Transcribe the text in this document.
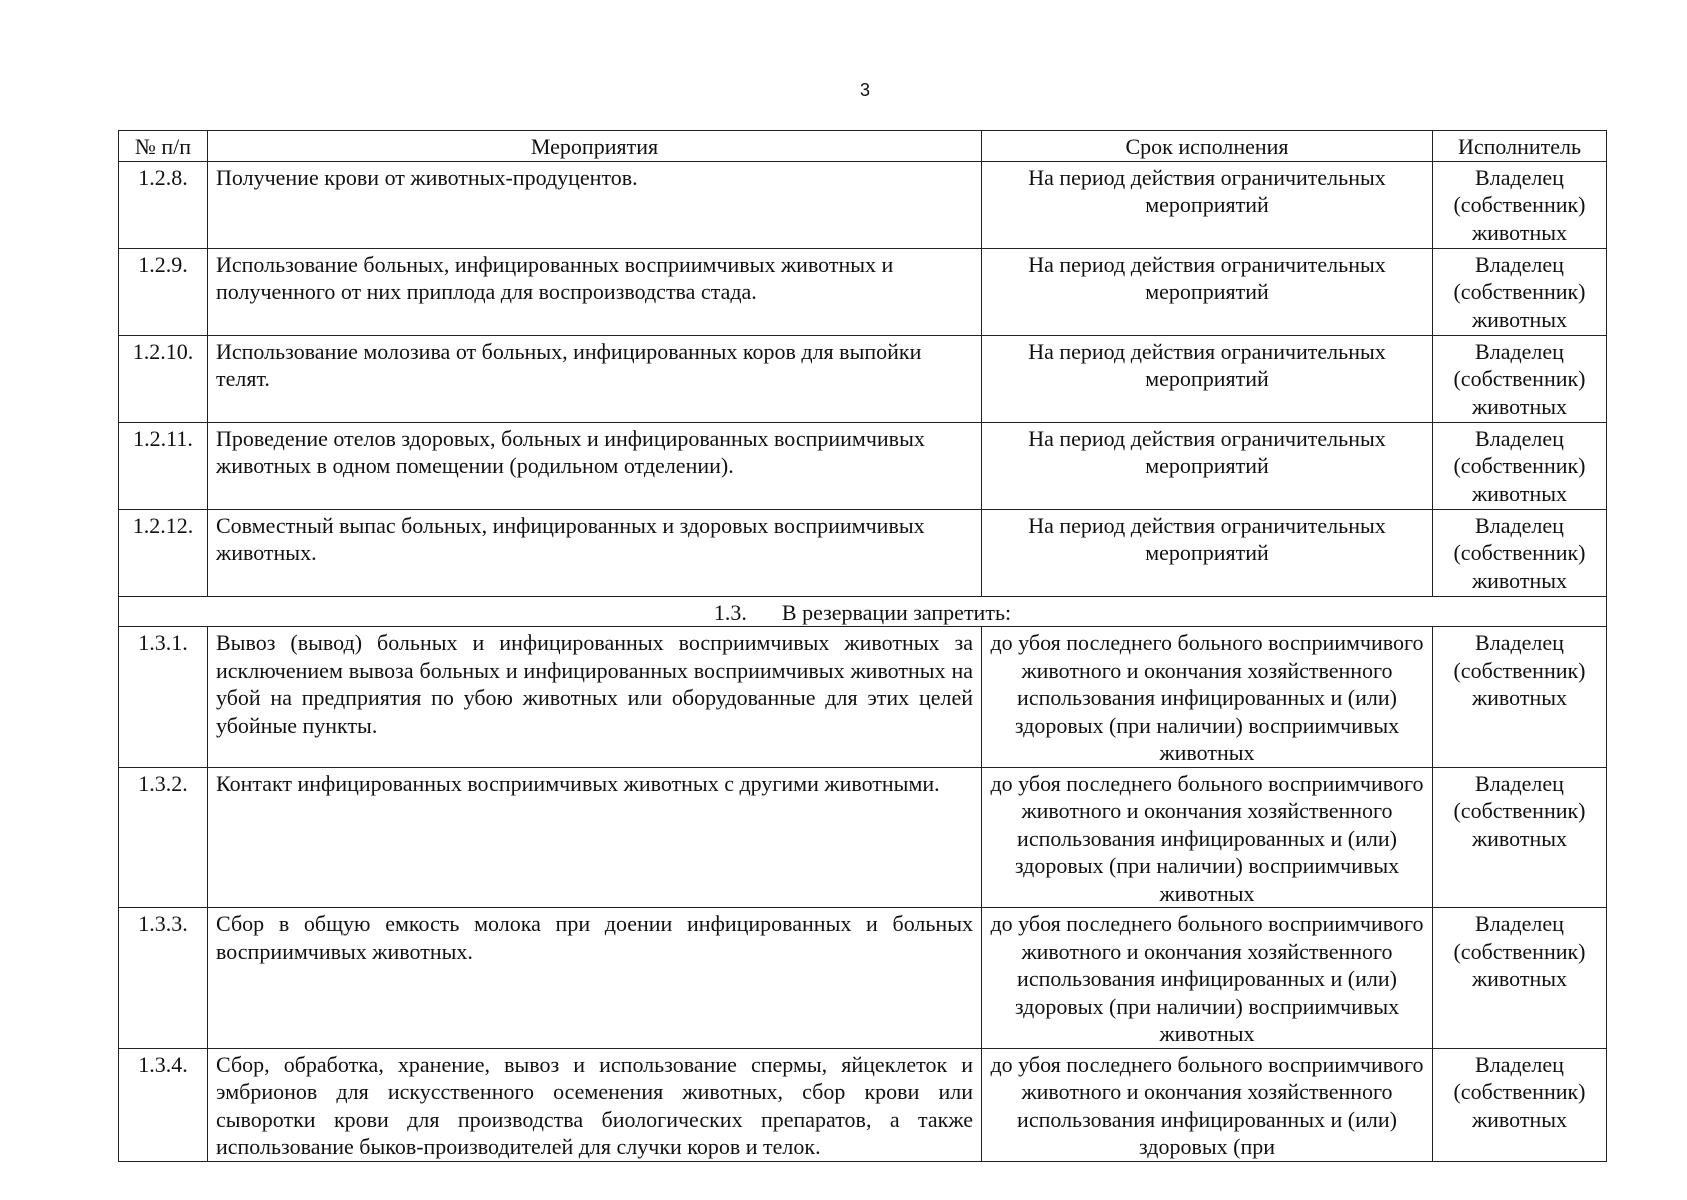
3
№ п/п	Мероприятия	Срок исполнения	Исполнитель
1.2.8.	Получение крови от животных-продуцентов.	На период действия ограничительных мероприятий	Владелец (собственник) животных
1.2.9.	Использование больных, инфицированных восприимчивых животных и полученного от них приплода для воспроизводства стада.	На период действия ограничительных мероприятий	Владелец (собственник) животных
1.2.10.	Использование молозива от больных, инфицированных коров для выпойки телят.	На период действия ограничительных мероприятий	Владелец (собственник) животных
1.2.11.	Проведение отелов здоровых, больных и инфицированных восприимчивых животных в одном помещении (родильном отделении).	На период действия ограничительных мероприятий	Владелец (собственник) животных
1.2.12.	Совместный выпас больных, инфицированных и здоровых восприимчивых животных.	На период действия ограничительных мероприятий	Владелец (собственник) животных
1.3. В резервации запретить:			
1.3.1.	Вывоз (вывод) больных и инфицированных восприимчивых животных за исключением вывоза больных и инфицированных восприимчивых животных на убой на предприятия по убою животных или оборудованные для этих целей убойные пункты.	до убоя последнего больного восприимчивого животного и окончания хозяйственного использования инфицированных и (или) здоровых (при наличии) восприимчивых животных	Владелец (собственник) животных
1.3.2.	Контакт инфицированных восприимчивых животных с другими животными.	до убоя последнего больного восприимчивого животного и окончания хозяйственного использования инфицированных и (или) здоровых (при наличии) восприимчивых животных	Владелец (собственник) животных
1.3.3.	Сбор в общую емкость молока при доении инфицированных и больных восприимчивых животных.	до убоя последнего больного восприимчивого животного и окончания хозяйственного использования инфицированных и (или) здоровых (при наличии) восприимчивых животных	Владелец (собственник) животных
1.3.4.	Сбор, обработка, хранение, вывоз и использование спермы, яйцеклеток и эмбрионов для искусственного осеменения животных, сбор крови или сыворотки крови для производства биологических препаратов, а также использование быков-производителей для случки коров и телок.	до убоя последнего больного восприимчивого животного и окончания хозяйственного использования инфицированных и (или) здоровых (при	Владелец (собственник) животных
